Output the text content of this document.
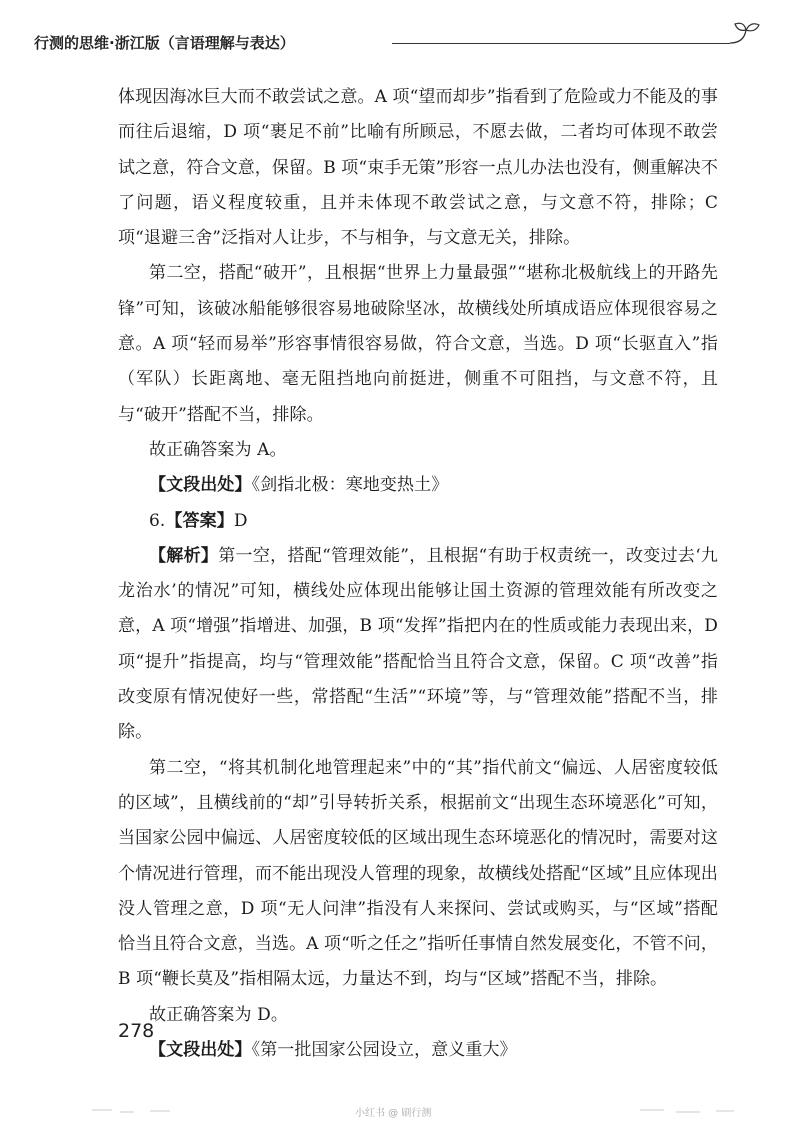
行测的思维·浙江版（言语理解与表达）

体现因海冰巨大而不敢尝试之意。A 项“望而却步”指看到了危险或力不能及的事而往后退缩，D 项“裹足不前”比喻有所顾忌，不愿去做，二者均可体现不敢尝试之意，符合文意，保留。B 项“束手无策”形容一点儿办法也没有，侧重解决不了问题，语义程度较重，且并未体现不敢尝试之意，与文意不符，排除；C 项“退避三舍”泛指对人让步，不与相争，与文意无关，排除。

第二空，搭配“破开”，且根据“世界上力量最强”“堪称北极航线上的开路先锋”可知，该破冰船能够很容易地破除坚冰，故横线处所填成语应体现很容易之意。A 项“轻而易举”形容事情很容易做，符合文意，当选。D 项“长驱直入”指（军队）长距离地、毫无阻挡地向前挺进，侧重不可阻挡，与文意不符，且与“破开”搭配不当，排除。

故正确答案为 A。

【文段出处】《剑指北极：寒地变热土》

6.【答案】D

【解析】第一空，搭配“管理效能”，且根据“有助于权责统一，改变过去‘九龙治水’的情况”可知，横线处应体现出能够让国土资源的管理效能有所改变之意，A 项“增强”指增进、加强，B 项“发挥”指把内在的性质或能力表现出来，D 项“提升”指提高，均与“管理效能”搭配恰当且符合文意，保留。C 项“改善”指改变原有情况使好一些，常搭配“生活”“环境”等，与“管理效能”搭配不当，排除。

第二空，“将其机制化地管理起来”中的“其”指代前文“偏远、人居密度较低的区域”，且横线前的“却”引导转折关系，根据前文“出现生态环境恶化”可知，当国家公园中偏远、人居密度较低的区域出现生态环境恶化的情况时，需要对这个情况进行管理，而不能出现没人管理的现象，故横线处搭配“区域”且应体现出没人管理之意，D 项“无人问津”指没有人来探问、尝试或购买，与“区域”搭配恰当且符合文意，当选。A 项“听之任之”指听任事情自然发展变化，不管不问，B 项“鞭长莫及”指相隔太远，力量达不到，均与“区域”搭配不当，排除。

故正确答案为 D。

【文段出处】《第一批国家公园设立，意义重大》

278
小红书 @ 刷行测
